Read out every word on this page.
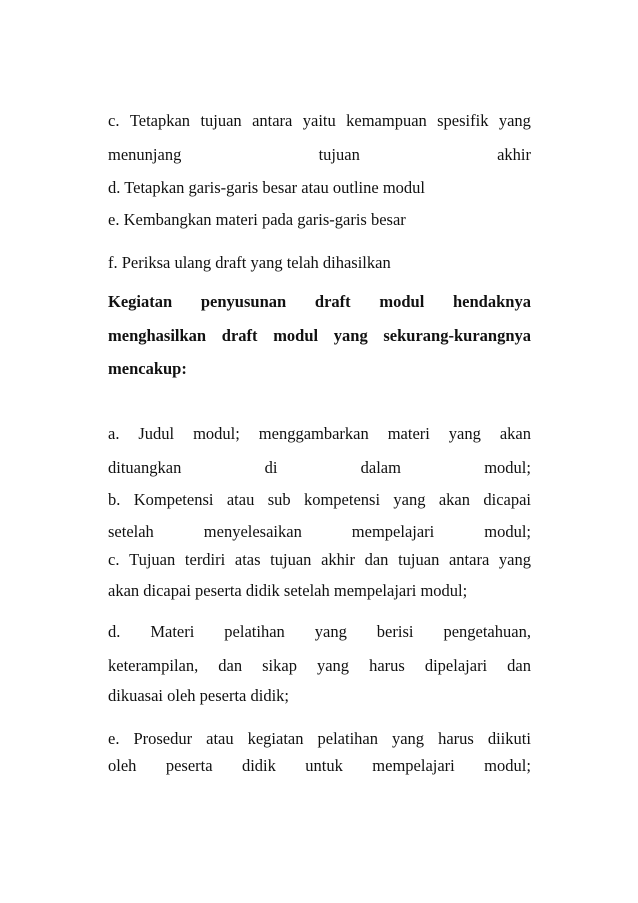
c. Tetapkan tujuan antara yaitu kemampuan spesifik yang
menunjang	tujuan	akhir
d. Tetapkan garis-garis besar atau outline modul
e. Kembangkan materi pada garis-garis besar
f. Periksa ulang draft yang telah dihasilkan
Kegiatan penyusunan draft modul hendaknya
menghasilkan draft modul yang sekurang-kurangnya
mencakup:
a. Judul modul; menggambarkan materi yang akan
dituangkan	di	dalam	modul;
b. Kompetensi atau sub kompetensi yang akan dicapai
setelah	menyelesaikan	mempelajari	modul;
c. Tujuan terdiri atas tujuan akhir dan tujuan antara yang
akan dicapai peserta didik setelah mempelajari modul;
d. Materi pelatihan yang berisi pengetahuan,
keterampilan, dan sikap yang harus dipelajari dan
dikuasai oleh peserta didik;
e. Prosedur atau kegiatan pelatihan yang harus diikuti
oleh peserta didik untuk mempelajari modul;
